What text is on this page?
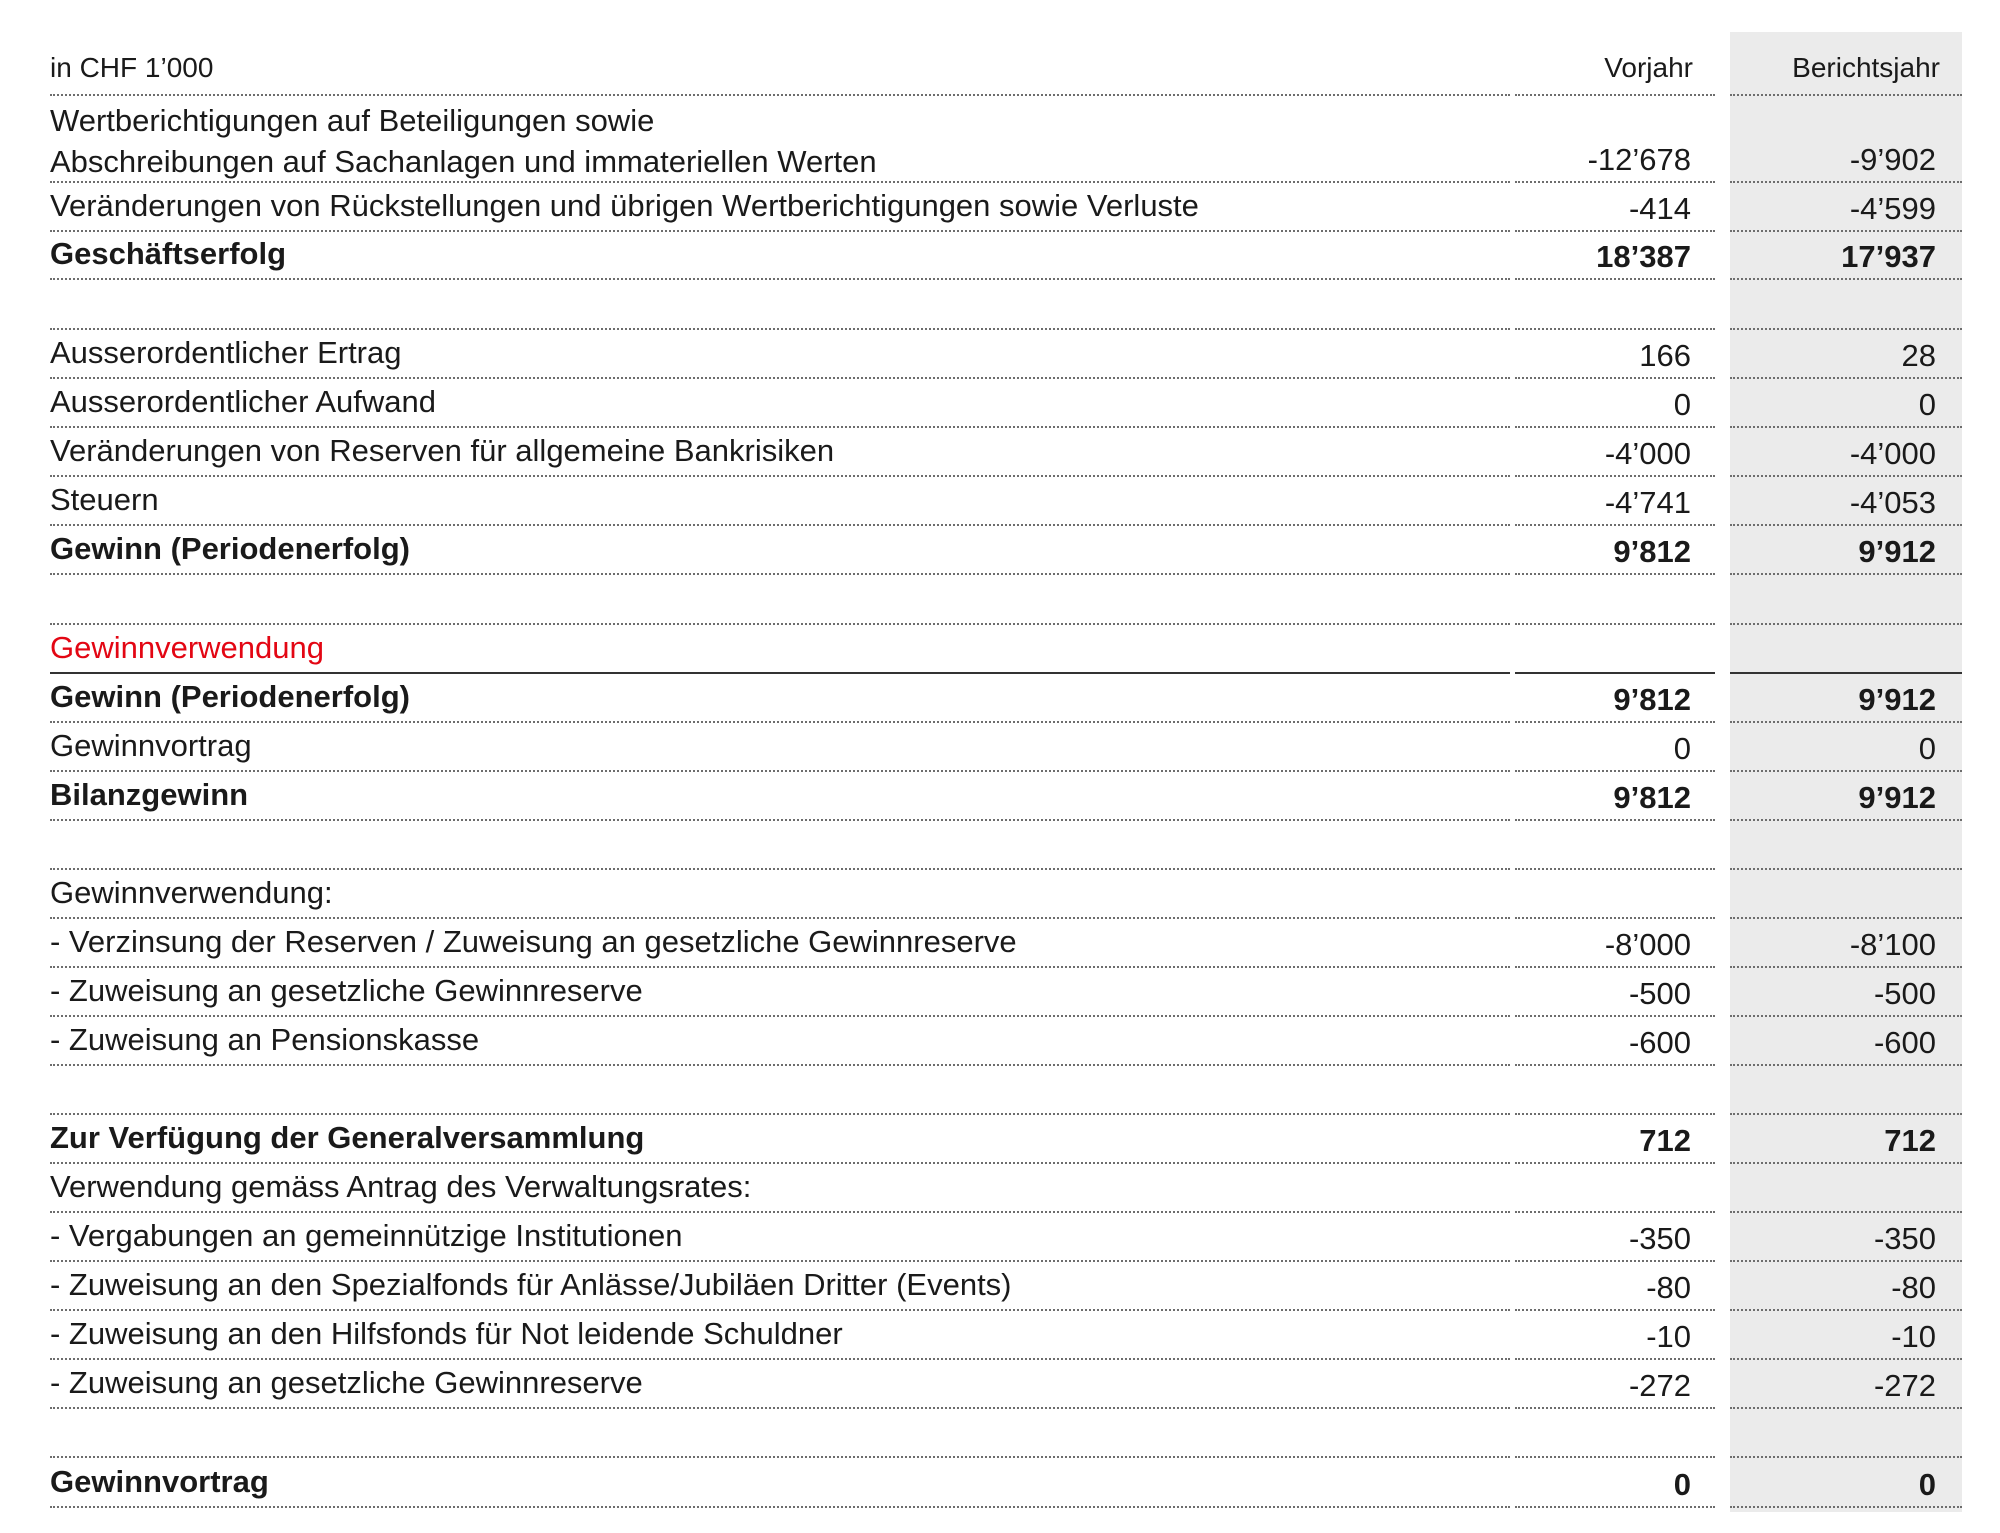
in CHF 1’000	Vorjahr	Berichtsjahr
Wertberichtigungen auf Beteiligungen sowie
Abschreibungen auf Sachanlagen und immateriellen Werten	-12’678	-9’902
Veränderungen von Rückstellungen und übrigen Wertberichtigungen sowie Verluste	-414	-4’599
Geschäftserfolg	18’387	17’937
Ausserordentlicher Ertrag	166	28
Ausserordentlicher Aufwand	0	0
Veränderungen von Reserven für allgemeine Bankrisiken	-4’000	-4’000
Steuern	-4’741	-4’053
Gewinn (Periodenerfolg)	9’812	9’912
Gewinnverwendung
Gewinn (Periodenerfolg)	9’812	9’912
Gewinnvortrag	0	0
Bilanzgewinn	9’812	9’912
Gewinnverwendung:
- Verzinsung der Reserven / Zuweisung an gesetzliche Gewinnreserve	-8’000	-8’100
- Zuweisung an gesetzliche Gewinnreserve	-500	-500
- Zuweisung an Pensionskasse	-600	-600
Zur Verfügung der Generalversammlung	712	712
Verwendung gemäss Antrag des Verwaltungsrates:
- Vergabungen an gemeinnützige Institutionen	-350	-350
- Zuweisung an den Spezialfonds für Anlässe/Jubiläen Dritter (Events)	-80	-80
- Zuweisung an den Hilfsfonds für Not leidende Schuldner	-10	-10
- Zuweisung an gesetzliche Gewinnreserve	-272	-272
Gewinnvortrag	0	0
